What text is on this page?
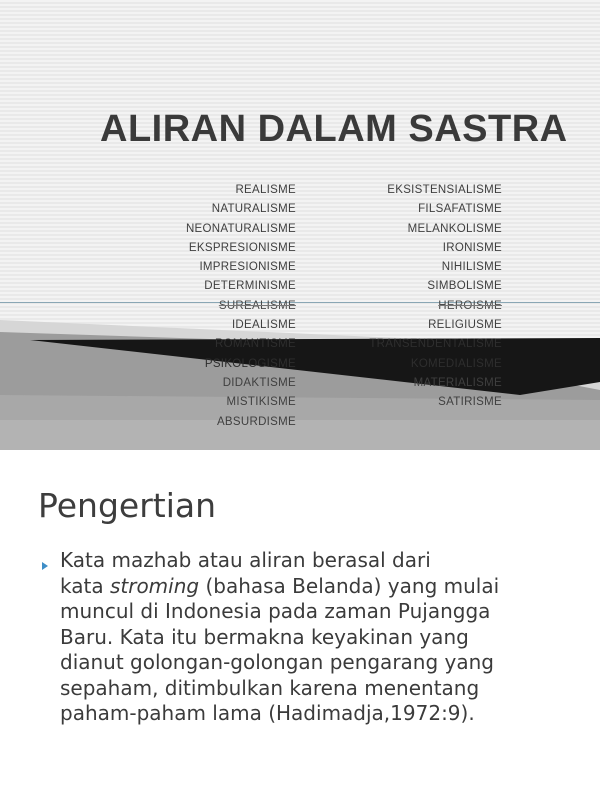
ALIRAN DALAM SASTRA
REALISME
NATURALISME
NEONATURALISME
EKSPRESIONISME
IMPRESIONISME
DETERMINISME
SUREALISME
IDEALISME
ROMANTISME
PSIKOLOGISME
DIDAKTISME
MISTIKISME
ABSURDISME
EKSISTENSIALISME
FILSAFATISME
MELANKOLISME
IRONISME
NIHILISME
SIMBOLISME
HEROISME
RELIGIUSME
TRANSENDENTALISME
KOMEDIALISME
MATERIALISME
SATIRISME
Pengertian
Kata mazhab atau aliran berasal dari
kata stroming (bahasa Belanda) yang mulai
muncul di Indonesia pada zaman Pujangga
Baru. Kata itu bermakna keyakinan yang
dianut golongan-golongan pengarang yang
sepaham, ditimbulkan karena menentang
paham-paham lama (Hadimadja,1972:9).
